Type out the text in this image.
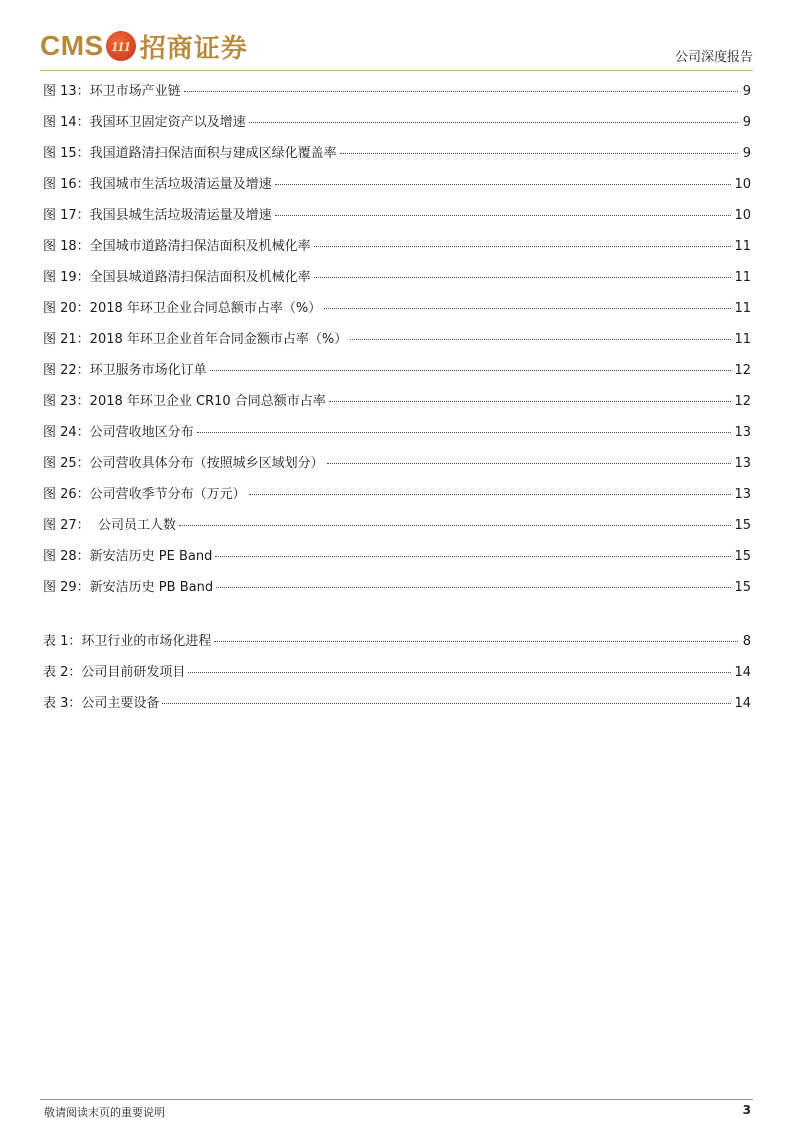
CMS 111 招商证券	公司深度报告
图 13：环卫市场产业链	9
图 14：我国环卫固定资产以及增速	9
图 15：我国道路清扫保洁面积与建成区绿化覆盖率	9
图 16：我国城市生活垃圾清运量及增速	10
图 17：我国县城生活垃圾清运量及增速	10
图 18：全国城市道路清扫保洁面积及机械化率	11
图 19：全国县城道路清扫保洁面积及机械化率	11
图 20：2018 年环卫企业合同总额市占率（%）	11
图 21：2018 年环卫企业首年合同金额市占率（%）	11
图 22：环卫服务市场化订单	12
图 23：2018 年环卫企业 CR10 合同总额市占率	12
图 24：公司营收地区分布	13
图 25：公司营收具体分布（按照城乡区域划分）	13
图 26：公司营收季节分布（万元）	13
图 27：  公司员工人数	15
图 28：新安洁历史 PE Band	15
图 29：新安洁历史 PB Band	15
表 1：环卫行业的市场化进程	8
表 2：公司目前研发项目	14
表 3：公司主要设备	14
敬请阅读末页的重要说明	3
